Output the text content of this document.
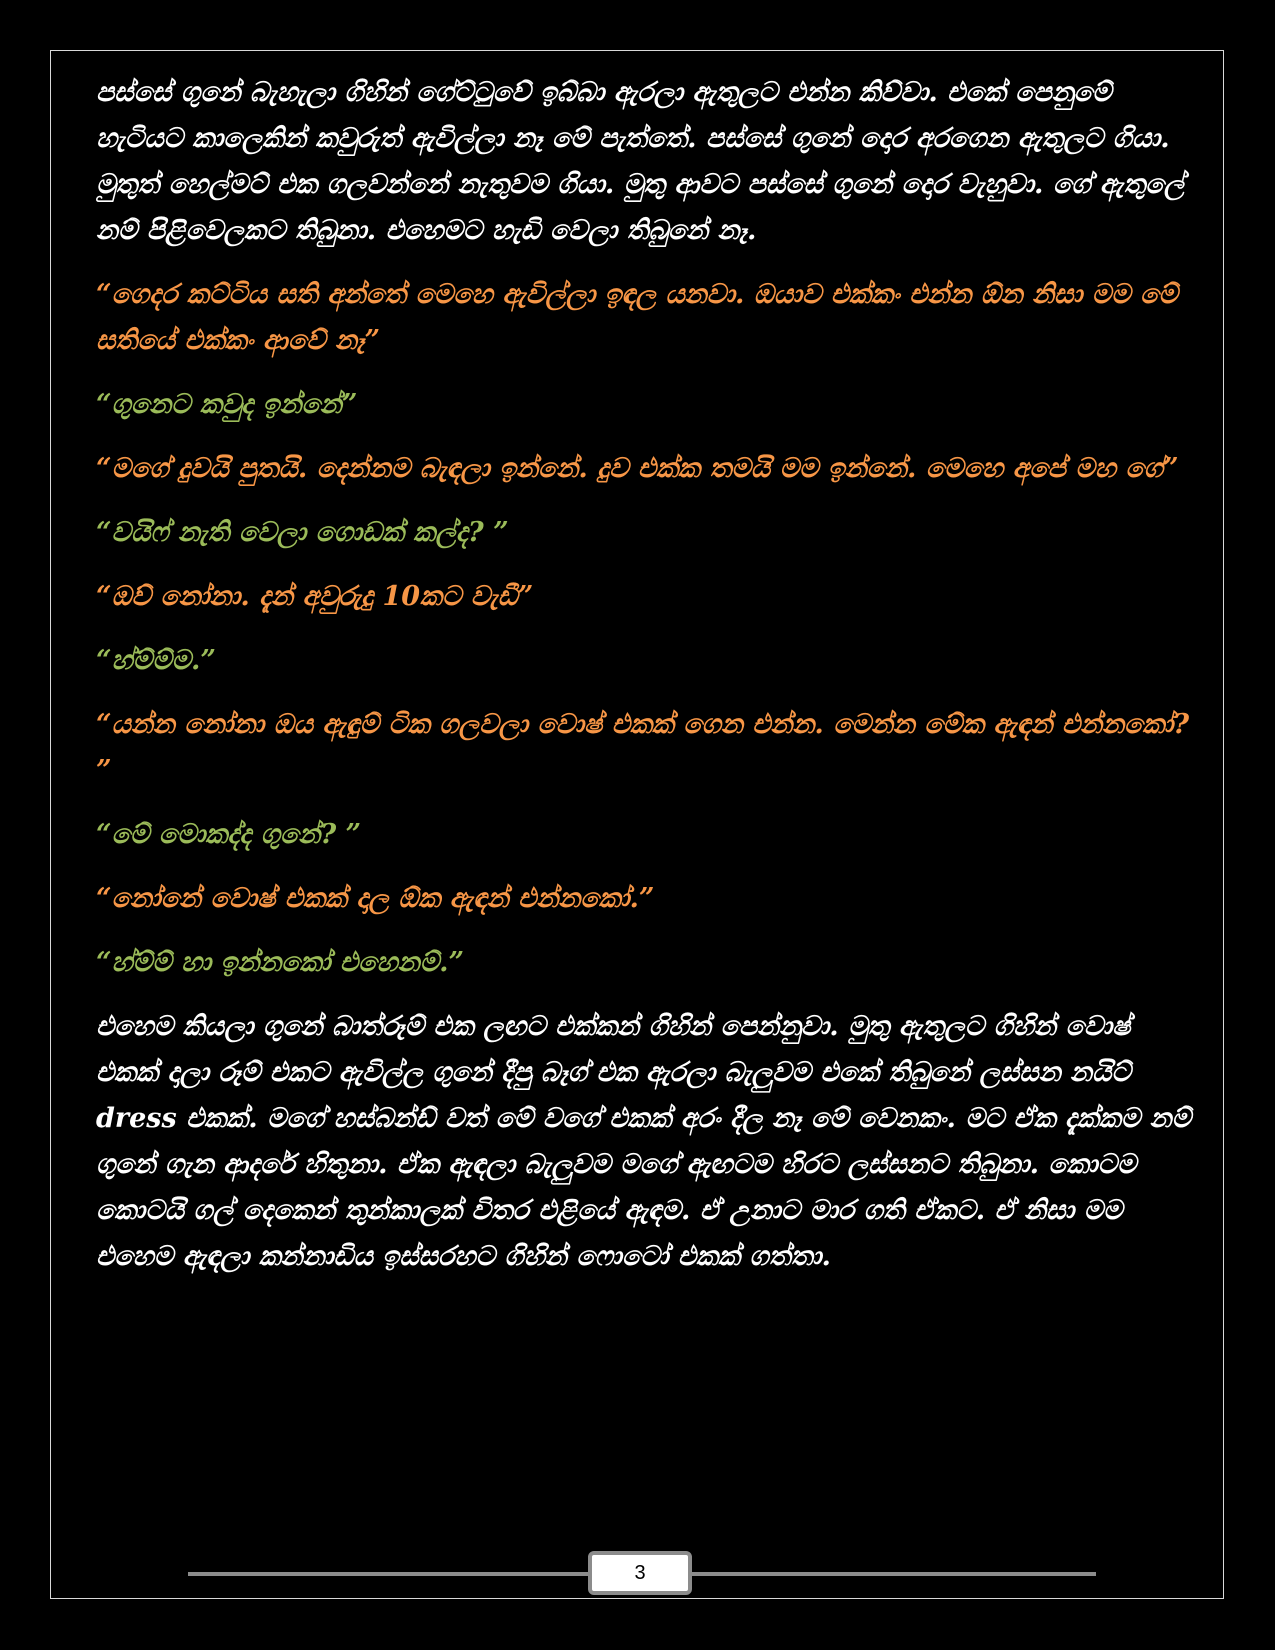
පස්සේ ගුනේ බැහැලා ගිහින් ගේට්ටුවේ ඉබ්බා ඇරලා ඇතුලට එන්න කිව්වා. එකේ පෙනුමේ හැටියට කාලෙකින් කවුරුත් ඇවිල්ලා නෑ මේ පැත්තේ. පස්සේ ගුනේ දොර අරගෙන ඇතුලට ගියා. මුතුත් හෙල්මට් එක ගලවන්නේ නැතුවම ගියා. මුතු ආවට පස්සේ ගුනේ දොර වැහුවා. ගේ ඇතුලේ නම් පිළිවෙලකට තිබුනා. එහෙමට හැඩි වෙලා තිබුනේ නෑ.

“ගෙදර කට්ටිය සති අන්තේ මෙහෙ ඇවිල්ලා ඉඳල යනවා. ඔයාව එක්කං එන්න ඕන නිසා මම මේ සතියේ එක්කං ආවේ නෑ”

“ගුනෙට කවුද ඉන්නේ”

“මගේ දුවයි පුතයි. දෙන්නම බැඳලා ඉන්නේ. දුව එක්ක තමයි මම ඉන්නේ. මෙහෙ අපේ මහ ගේ”

“වයිෆ් නැති වෙලා ගොඩක් කල්ද? ”

“ඔව් නෝනා. දැන් අවුරුදු 10කට වැඩී”

“හ්ම්ම්ම.”

“යන්න නෝනා ඔය ඇඳුම් ටික ගලවලා වොෂ් එකක් ගෙන එන්න. මෙන්න මේක ඇඳන් එන්නකෝ? ”

“මේ මොකද්ද ගුනේ? ”

“නෝනේ වොෂ් එකක් දාල ඕක ඇඳන් එන්නකෝ.”

“හ්ම්ම් හා ඉන්නකෝ එහෙනම්.”

එහෙම කියලා ගුනේ බාත්රූම් එක ලඟට එක්කන් ගිහින් පෙන්නුවා. මුතු ඇතුලට ගිහින් වොෂ් එකක් දාලා රූම් එකට ඇවිල්ල ගුනේ දීපු බෑග් එක ඇරලා බැලුවම එකේ තිබුනේ ලස්සන නයිට් dress එකක්. මගේ හස්බන්ඩ් වත් මේ වගේ එකක් අරං දීල නෑ මේ වෙනකං. මට ඒක දැක්කම නම් ගුනේ ගැන ආදරේ හිතුනා. ඒක ඇඳලා බැලුවම මගේ ඇඟටම හිරට ලස්සනට තිබුනා. කොටම කොටයි ගල් දෙකෙන් තුන්කාලක් විතර එළියේ ඇඳම. ඒ උනාට මාර ගති ඒකට. ඒ නිසා මම එහෙම ඇඳලා කන්නාඩිය ඉස්සරහට ගිහින් ෆොටෝ එකක් ගත්තා.

3
